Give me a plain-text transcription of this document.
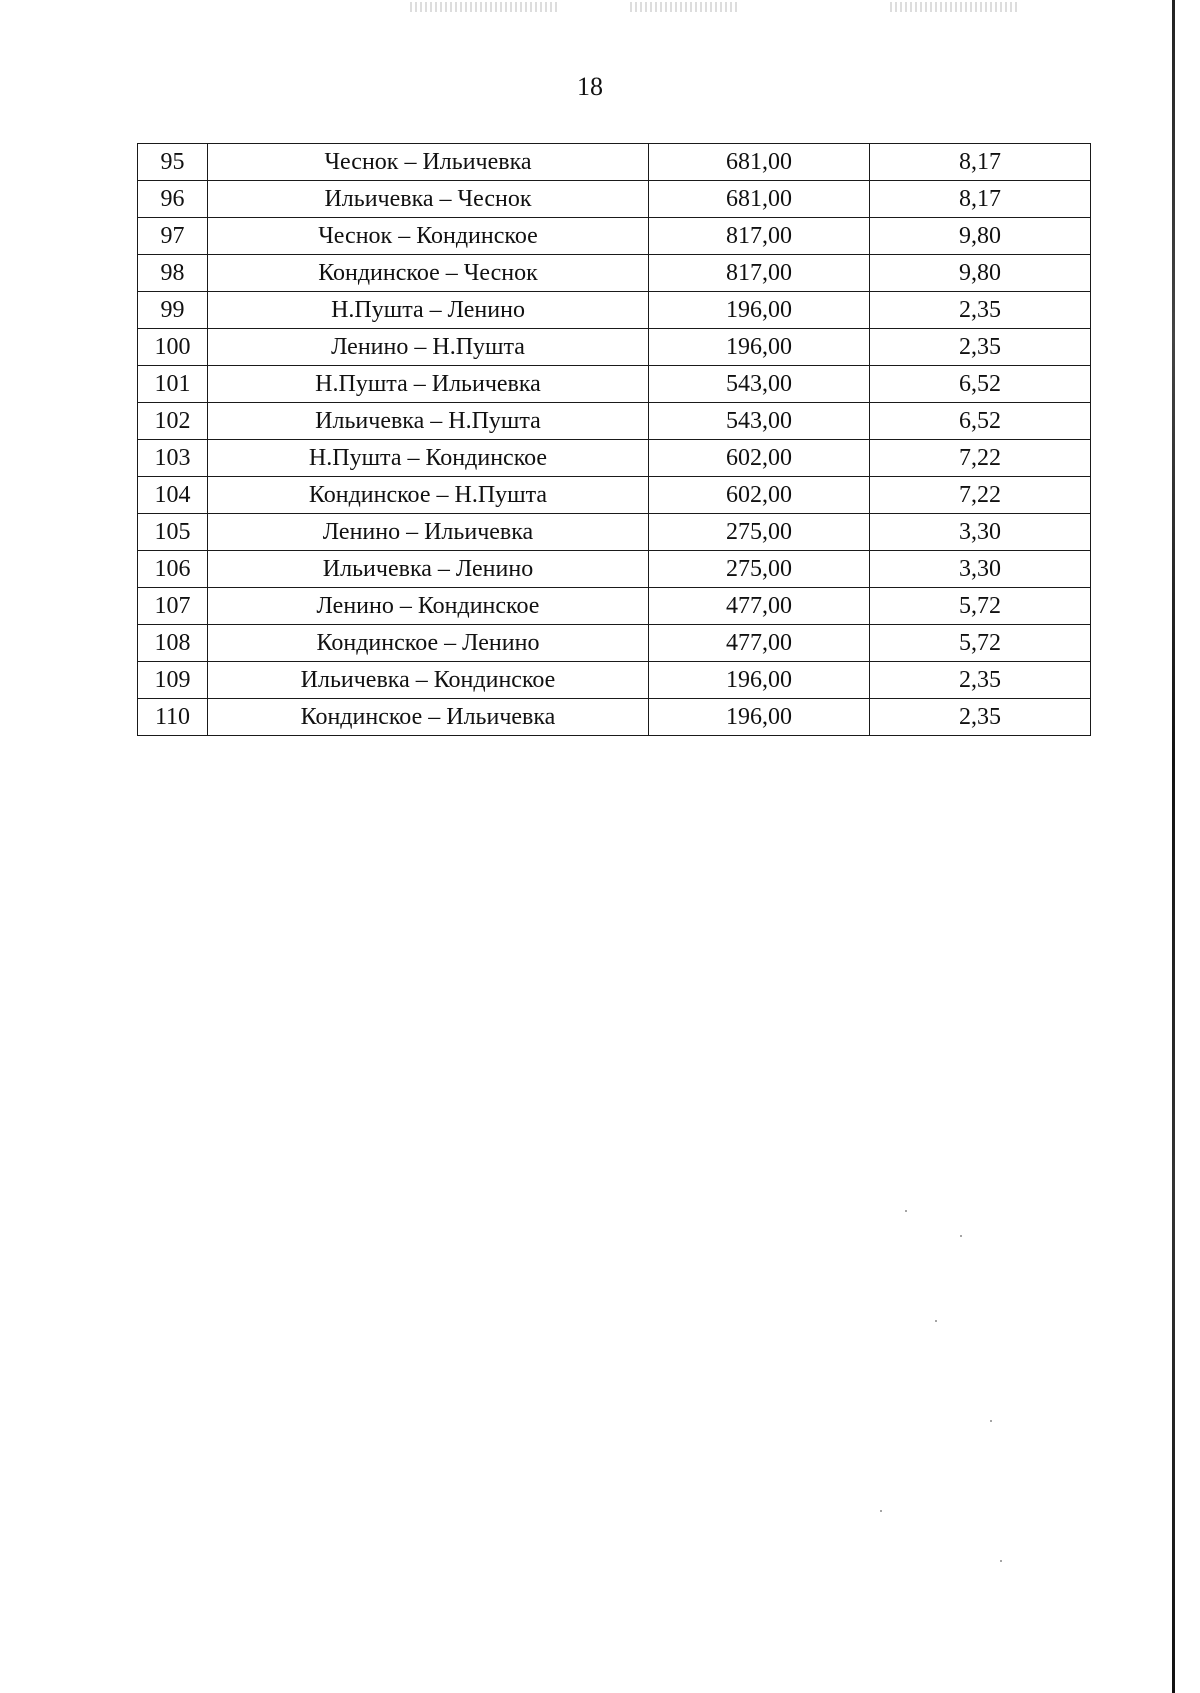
18
95	Чеснок – Ильичевка	681,00	8,17
96	Ильичевка – Чеснок	681,00	8,17
97	Чеснок – Кондинское	817,00	9,80
98	Кондинское – Чеснок	817,00	9,80
99	Н.Пушта – Ленино	196,00	2,35
100	Ленино – Н.Пушта	196,00	2,35
101	Н.Пушта – Ильичевка	543,00	6,52
102	Ильичевка – Н.Пушта	543,00	6,52
103	Н.Пушта – Кондинское	602,00	7,22
104	Кондинское – Н.Пушта	602,00	7,22
105	Ленино – Ильичевка	275,00	3,30
106	Ильичевка – Ленино	275,00	3,30
107	Ленино – Кондинское	477,00	5,72
108	Кондинское – Ленино	477,00	5,72
109	Ильичевка – Кондинское	196,00	2,35
110	Кондинское – Ильичевка	196,00	2,35
